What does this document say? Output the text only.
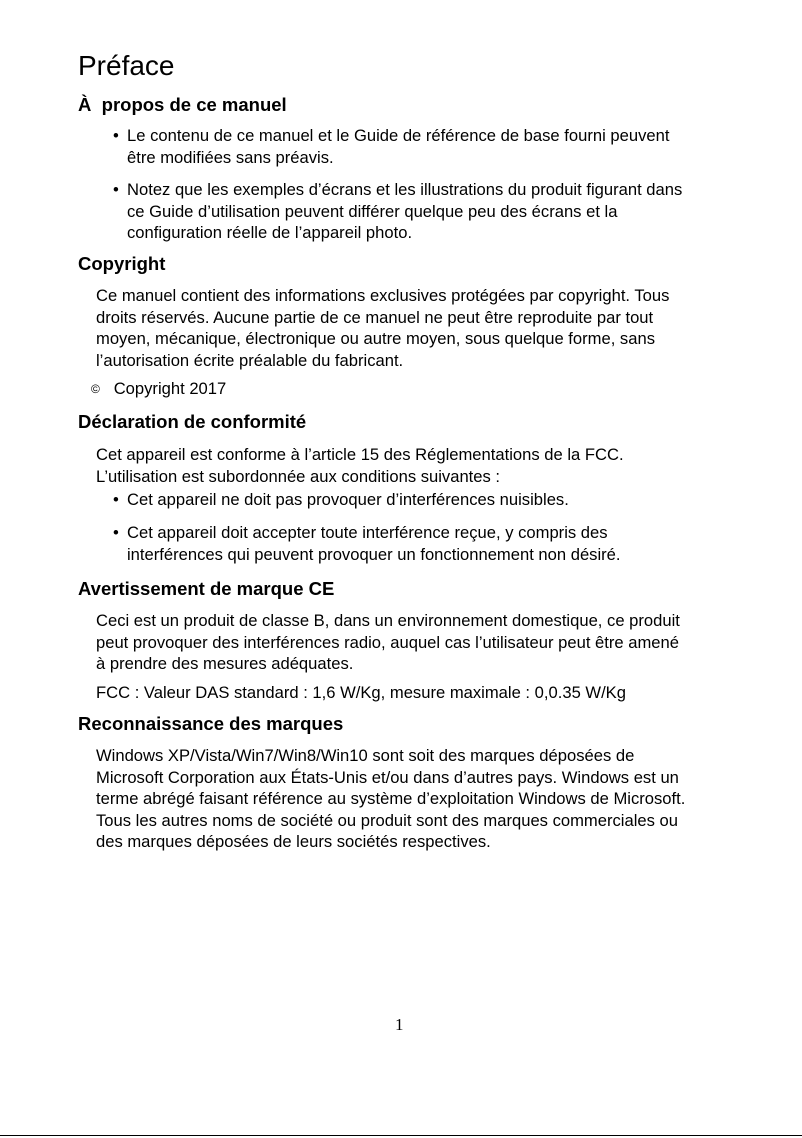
Préface
À propos de ce manuel
• Le contenu de ce manuel et le Guide de référence de base fourni peuvent
être modifiées sans préavis.
• Notez que les exemples d’écrans et les illustrations du produit figurant dans
ce Guide d’utilisation peuvent différer quelque peu des écrans et la
configuration réelle de l’appareil photo.
Copyright
Ce manuel contient des informations exclusives protégées par copyright. Tous
droits réservés. Aucune partie de ce manuel ne peut être reproduite par tout
moyen, mécanique, électronique ou autre moyen, sous quelque forme, sans
l’autorisation écrite préalable du fabricant.
© Copyright 2017
Déclaration de conformité
Cet appareil est conforme à l’article 15 des Réglementations de la FCC.
L’utilisation est subordonnée aux conditions suivantes :
• Cet appareil ne doit pas provoquer d’interférences nuisibles.
• Cet appareil doit accepter toute interférence reçue, y compris des
interférences qui peuvent provoquer un fonctionnement non désiré.
Avertissement de marque CE
Ceci est un produit de classe B, dans un environnement domestique, ce produit
peut provoquer des interférences radio, auquel cas l’utilisateur peut être amené
à prendre des mesures adéquates.
FCC : Valeur DAS standard : 1,6 W/Kg, mesure maximale : 0,0.35 W/Kg
Reconnaissance des marques
Windows XP/Vista/Win7/Win8/Win10 sont soit des marques déposées de
Microsoft Corporation aux États-Unis et/ou dans d’autres pays. Windows est un
terme abrégé faisant référence au système d’exploitation Windows de Microsoft.
Tous les autres noms de société ou produit sont des marques commerciales ou
des marques déposées de leurs sociétés respectives.
1
